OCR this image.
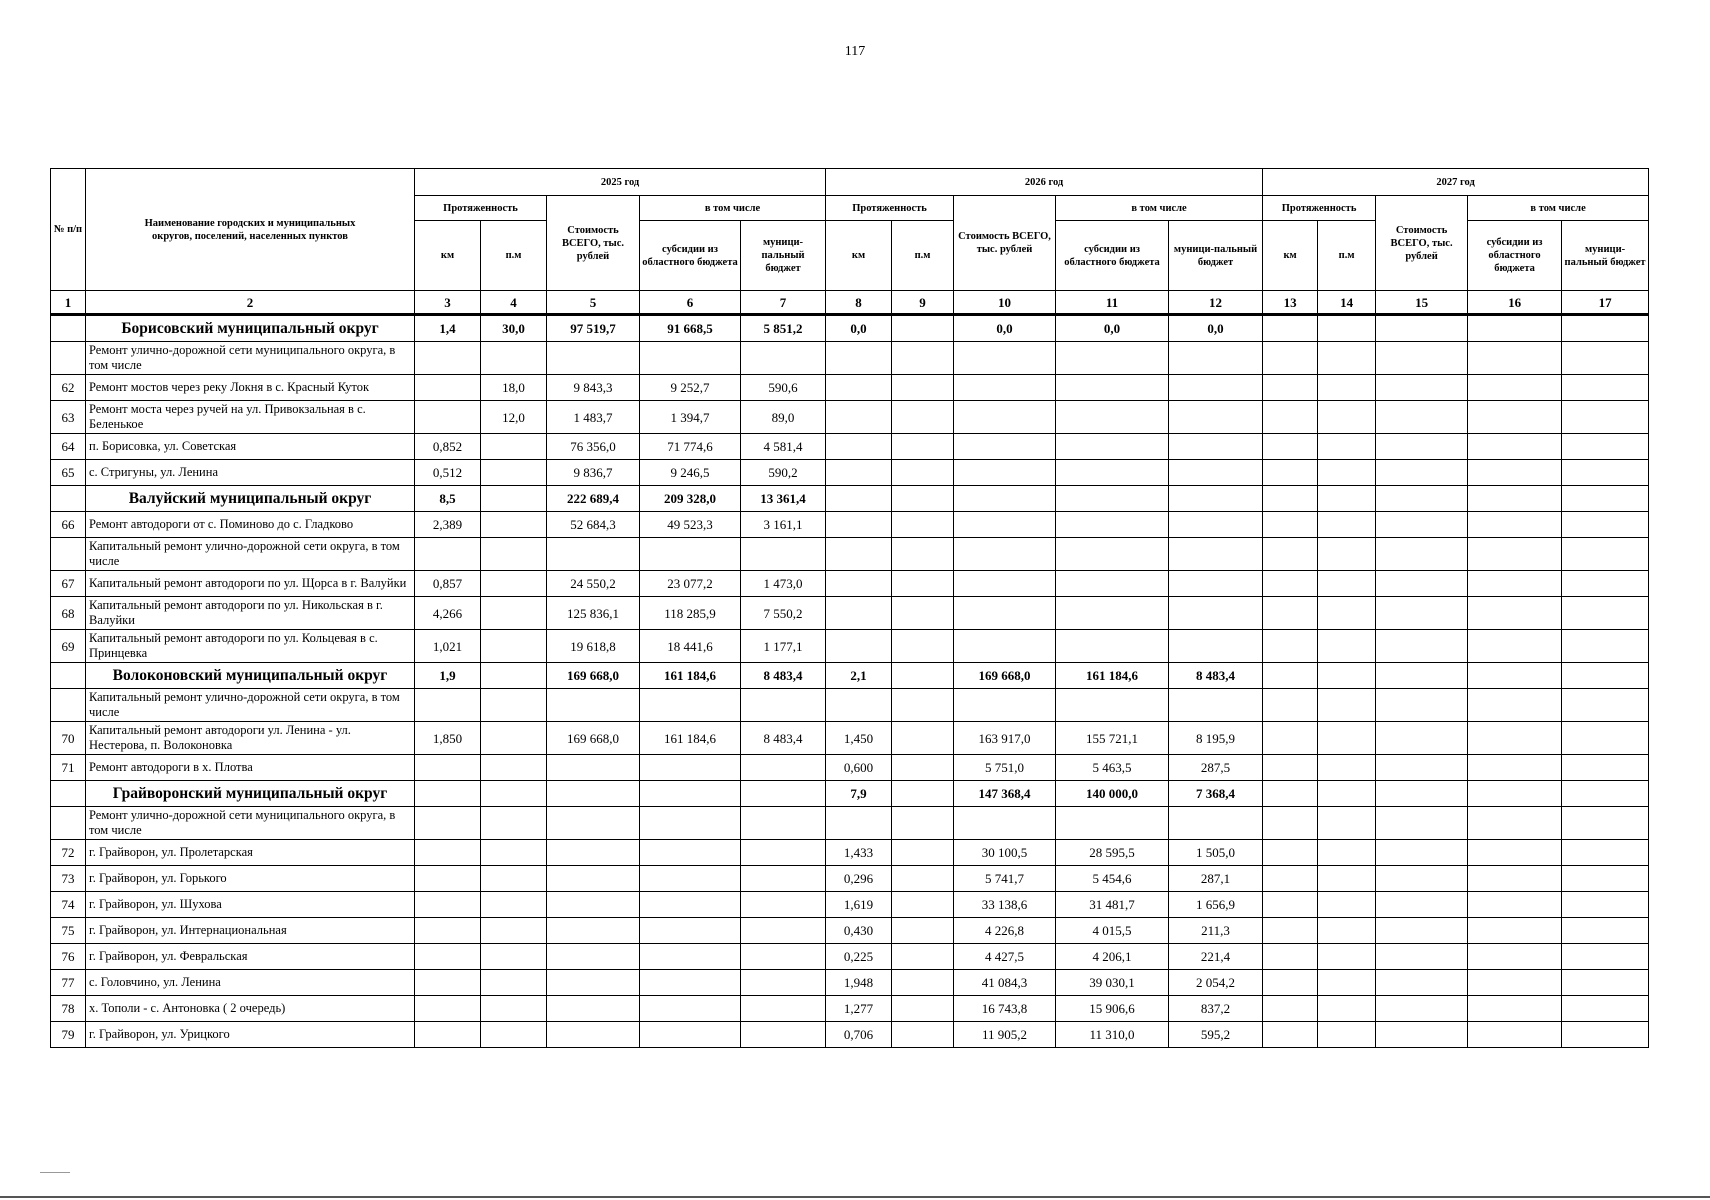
117
№ п/п	Наименование городских и муниципальных округов, поселений, населенных пунктов	2025 год					2026 год					2027 год				
		Протяженность		Стоимость ВСЕГО, тыс. рублей	в том числе		Протяженность		Стоимость ВСЕГО, тыс. рублей	в том числе		Протяженность		Стоимость ВСЕГО, тыс. рублей	в том числе	
		км	п.м		субсидии из областного бюджета	муници-пальный бюджет	км	п.м		субсидии из областного бюджета	муници-пальный бюджет	км	п.м		субсидии из областного бюджета	муници-пальный бюджет
1	2	3	4	5	6	7	8	9	10	11	12	13	14	15	16	17
	Борисовский муниципальный округ	1,4	30,0	97 519,7	91 668,5	5 851,2	0,0		0,0	0,0	0,0					
	Ремонт улично-дорожной сети муниципального округа, в том числе															
62	Ремонт мостов через реку Локня в с. Красный Куток		18,0	9 843,3	9 252,7	590,6										
63	Ремонт моста через ручей на ул. Привокзальная в с. Беленькое		12,0	1 483,7	1 394,7	89,0										
64	п. Борисовка, ул. Советская	0,852		76 356,0	71 774,6	4 581,4										
65	с. Стригуны, ул. Ленина	0,512		9 836,7	9 246,5	590,2										
	Валуйский муниципальный округ	8,5		222 689,4	209 328,0	13 361,4										
66	Ремонт автодороги от с. Поминово до с. Гладково	2,389		52 684,3	49 523,3	3 161,1										
	Капитальный ремонт улично-дорожной сети округа, в том числе															
67	Капитальный ремонт автодороги по ул. Щорса в г. Валуйки	0,857		24 550,2	23 077,2	1 473,0										
68	Капитальный ремонт автодороги по ул. Никольская в г. Валуйки	4,266		125 836,1	118 285,9	7 550,2										
69	Капитальный ремонт автодороги по ул. Кольцевая в с. Принцевка	1,021		19 618,8	18 441,6	1 177,1										
	Волоконовский муниципальный округ	1,9		169 668,0	161 184,6	8 483,4	2,1		169 668,0	161 184,6	8 483,4					
	Капитальный ремонт улично-дорожной сети округа, в том числе															
70	Капитальный ремонт автодороги ул. Ленина - ул. Нестерова, п. Волоконовка	1,850		169 668,0	161 184,6	8 483,4	1,450		163 917,0	155 721,1	8 195,9					
71	Ремонт автодороги в х. Плотва						0,600		5 751,0	5 463,5	287,5					
	Грайворонский муниципальный округ						7,9		147 368,4	140 000,0	7 368,4					
	Ремонт улично-дорожной сети муниципального округа, в том числе															
72	г. Грайворон, ул. Пролетарская						1,433		30 100,5	28 595,5	1 505,0					
73	г. Грайворон, ул. Горького						0,296		5 741,7	5 454,6	287,1					
74	г. Грайворон, ул. Шухова						1,619		33 138,6	31 481,7	1 656,9					
75	г. Грайворон, ул. Интернациональная						0,430		4 226,8	4 015,5	211,3					
76	г. Грайворон, ул. Февральская						0,225		4 427,5	4 206,1	221,4					
77	с. Головчино, ул. Ленина						1,948		41 084,3	39 030,1	2 054,2					
78	х. Тополи - с. Антоновка ( 2 очередь)						1,277		16 743,8	15 906,6	837,2					
79	г. Грайворон, ул. Урицкого						0,706		11 905,2	11 310,0	595,2					
